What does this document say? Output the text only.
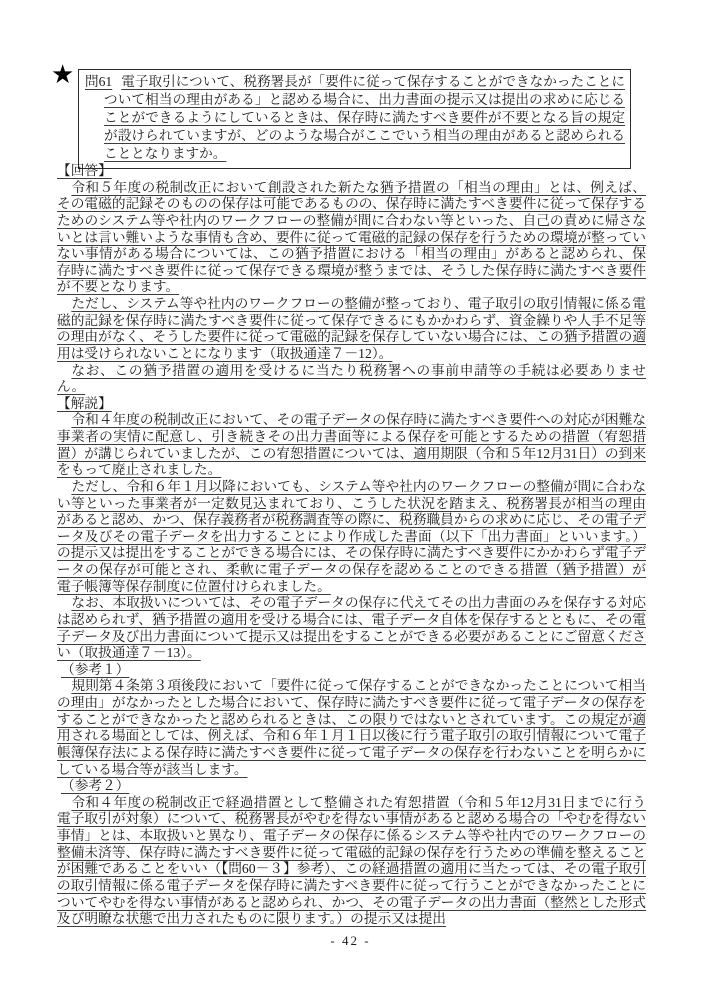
★ 問61 電子取引について、税務署長が「要件に従って保存することができなかったことについて相当の理由がある」と認める場合に、出力書面の提示又は提出の求めに応じることができるようにしているときは、保存時に満たすべき要件が不要となる旨の規定が設けられていますが、どのような場合がここでいう相当の理由があると認められることとなりますか。

【回答】

令和５年度の税制改正において創設された新たな猶予措置の「相当の理由」とは、例えば、その電磁的記録そのものの保存は可能であるものの、保存時に満たすべき要件に従って保存するためのシステム等や社内のワークフローの整備が間に合わない等といった、自己の責めに帰さないとは言い難いような事情も含め、要件に従って電磁的記録の保存を行うための環境が整っていない事情がある場合については、この猶予措置における「相当の理由」があると認められ、保存時に満たすべき要件に従って保存できる環境が整うまでは、そうした保存時に満たすべき要件が不要となります。

ただし、システム等や社内のワークフローの整備が整っており、電子取引の取引情報に係る電磁的記録を保存時に満たすべき要件に従って保存できるにもかかわらず、資金繰りや人手不足等の理由がなく、そうした要件に従って電磁的記録を保存していない場合には、この猶予措置の適用は受けられないことになります（取扱通達７－12）。

なお、この猶予措置の適用を受けるに当たり税務署への事前申請等の手続は必要ありません。

【解説】

令和４年度の税制改正において、その電子データの保存時に満たすべき要件への対応が困難な事業者の実情に配意し、引き続きその出力書面等による保存を可能とするための措置（宥恕措置）が講じられていましたが、この宥恕措置については、適用期限（令和５年12月31日）の到来をもって廃止されました。

ただし、令和６年１月以降においても、システム等や社内のワークフローの整備が間に合わない等といった事業者が一定数見込まれており、こうした状況を踏まえ、税務署長が相当の理由があると認め、かつ、保存義務者が税務調査等の際に、税務職員からの求めに応じ、その電子データ及びその電子データを出力することにより作成した書面（以下「出力書面」といいます。）の提示又は提出をすることができる場合には、その保存時に満たすべき要件にかかわらず電子データの保存が可能とされ、柔軟に電子データの保存を認めることのできる措置（猶予措置）が電子帳簿等保存制度に位置付けられました。

なお、本取扱いについては、その電子データの保存に代えてその出力書面のみを保存する対応は認められず、猶予措置の適用を受ける場合には、電子データ自体を保存するとともに、その電子データ及び出力書面について提示又は提出をすることができる必要があることにご留意ください（取扱通達７－13）。

（参考１）

規則第４条第３項後段において「要件に従って保存することができなかったことについて相当の理由」がなかったとした場合において、保存時に満たすべき要件に従って電子データの保存をすることができなかったと認められるときは、この限りではないとされています。この規定が適用される場面としては、例えば、令和６年１月１日以後に行う電子取引の取引情報について電子帳簿保存法による保存時に満たすべき要件に従って電子データの保存を行わないことを明らかにしている場合等が該当します。

（参考２）

令和４年度の税制改正で経過措置として整備された宥恕措置（令和５年12月31日までに行う電子取引が対象）について、税務署長がやむを得ない事情があると認める場合の「やむを得ない事情」とは、本取扱いと異なり、電子データの保存に係るシステム等や社内でのワークフローの整備未済等、保存時に満たすべき要件に従って電磁的記録の保存を行うための準備を整えることが困難であることをいい（【問60－３】参考）、この経過措置の適用に当たっては、その電子取引の取引情報に係る電子データを保存時に満たすべき要件に従って行うことができなかったことについてやむを得ない事情があると認められ、かつ、その電子データの出力書面（整然とした形式及び明瞭な状態で出力されたものに限ります。）の提示又は提出

- 42 -
